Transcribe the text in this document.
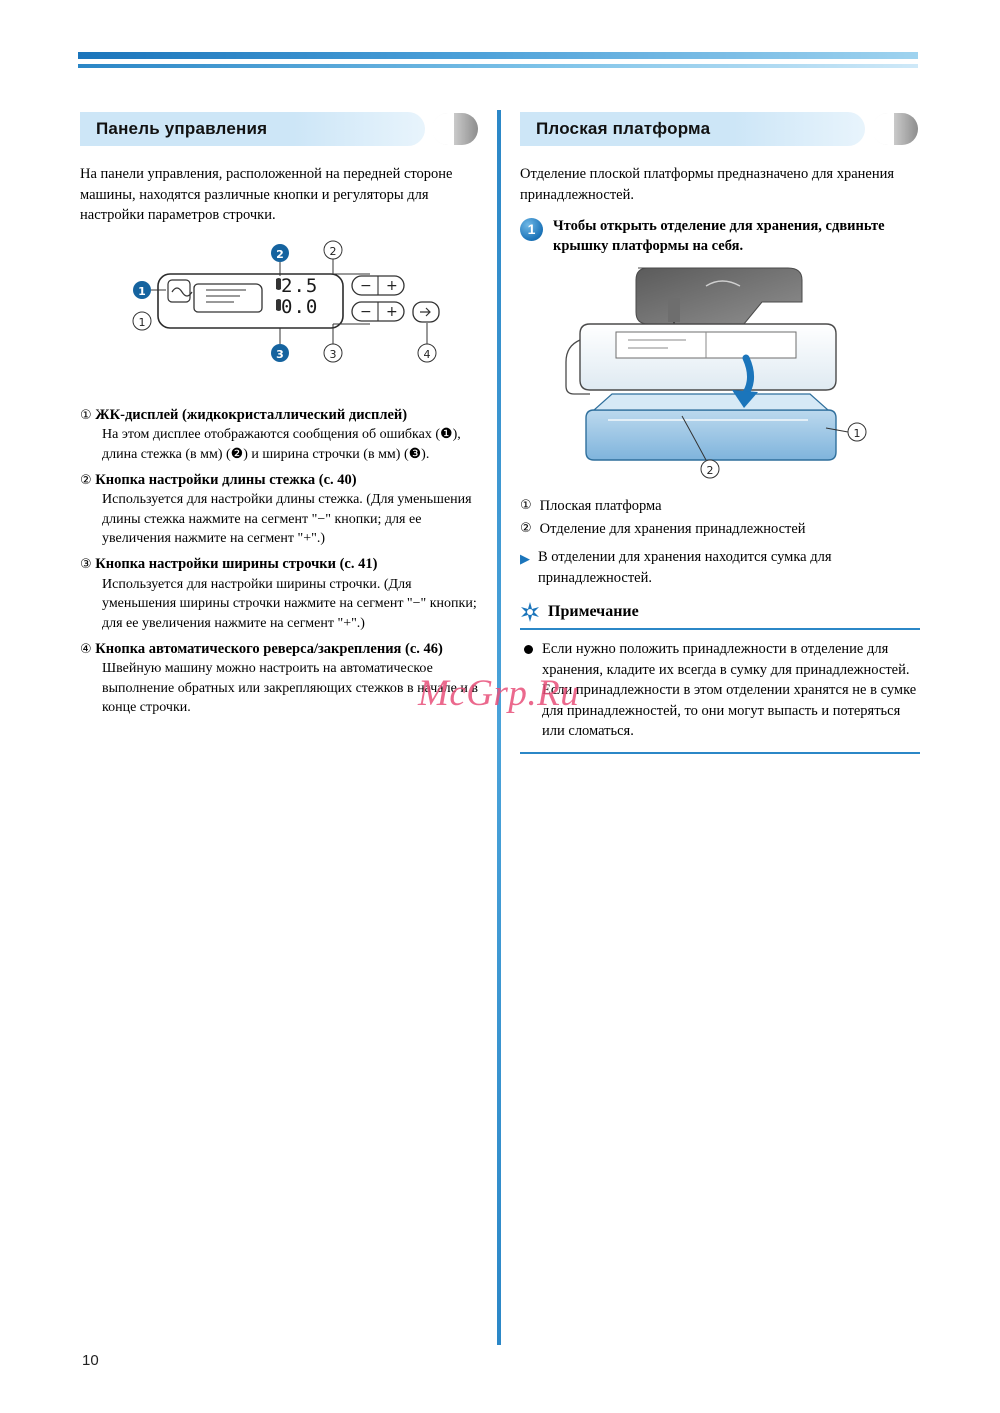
Панель управления

На панели управления, расположенной на передней стороне машины, находятся различные кнопки и регуляторы для настройки параметров строчки.

2.5
0.0
− +
− +
1
1
2	2
3	3	4
① ЖК-дисплей (жидкокристаллический дисплей)
На этом дисплее отображаются сообщения об ошибках (❶), длина стежка (в мм) (❷) и ширина строчки (в мм) (❸).
② Кнопка настройки длины стежка (c. 40)
Используется для настройки длины стежка. (Для уменьшения длины стежка нажмите на сегмент "−" кнопки; для ее увеличения нажмите на сегмент "+".)
③ Кнопка настройки ширины строчки (c. 41)
Используется для настройки ширины строчки. (Для уменьшения ширины строчки нажмите на сегмент "−" кнопки; для ее увеличения нажмите на сегмент "+".)
④ Кнопка автоматического реверса/закрепления (c. 46)
Швейную машину можно настроить на автоматическое выполнение обратных или закрепляющих стежков в начале и в конце строчки.
Плоская платформа

Отделение плоской платформы предназначено для хранения принадлежностей.

1	Чтобы открыть отделение для хранения, сдвиньте крышку платформы на себя.
1
2
① Плоская платформа
② Отделение для хранения принадлежностей
▶ В отделении для хранения находится сумка для принадлежностей.
Примечание
Если нужно положить принадлежности в отделение для хранения, кладите их всегда в сумку для принадлежностей. Если принадлежности в этом отделении хранятся не в сумке для принадлежностей, то они могут выпасть и потеряться или сломаться.
McGrp.Ru
10
